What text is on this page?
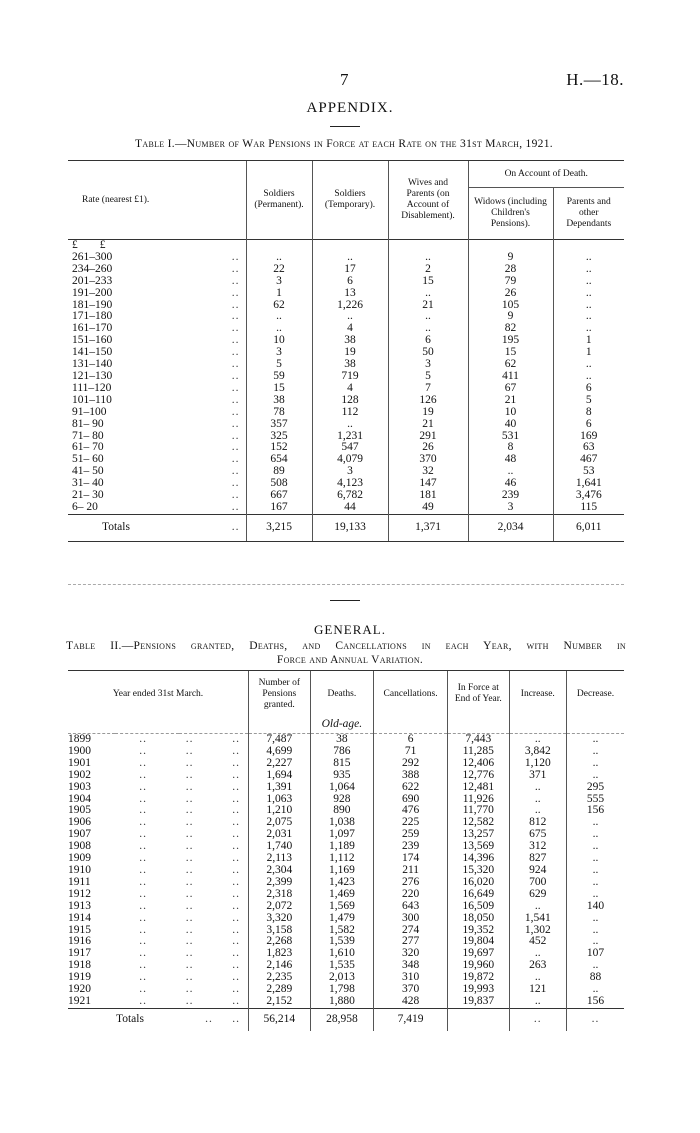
7	H.—18.
APPENDIX.
Table I.—Number of War Pensions in Force at each Rate on the 31st March, 1921.
Rate (nearest £1).		Soldiers (Permanent).	Soldiers (Temporary).	Wives and Parents (on Account of Disablement).	On Account of Death.	
					Widows (including Children's Pensions).	Parents and other Dependants
£ £						
261–300	..	..	..	..	9	..
234–260	..	22	17	2	28	..
201–233	..	3	6	15	79	..
191–200	..	1	13	..	26	..
181–190	..	62	1,226	21	105	..
171–180	..	..	..	..	9	..
161–170	..	..	4	..	82	..
151–160	..	10	38	6	195	1
141–150	..	3	19	50	15	1
131–140	..	5	38	3	62	..
121–130	..	59	719	5	411	..
111–120	..	15	4	7	67	6
101–110	..	38	128	126	21	5
91–100	..	78	112	19	10	8
81– 90	..	357	..	21	40	6
71– 80	..	325	1,231	291	531	169
61– 70	..	152	547	26	8	63
51– 60	..	654	4,079	370	48	467
41– 50	..	89	3	32	..	53
31– 40	..	508	4,123	147	46	1,641
21– 30	..	667	6,782	181	239	3,476
6– 20	..	167	44	49	3	115
Totals	..	3,215	19,133	1,371	2,034	6,011
GENERAL.
Table II.—Pensions granted, Deaths, and Cancellations in each Year, with Number in
Force and Annual Variation.
Year ended 31st March.			Number of Pensions granted.	Deaths.	Cancellations.	In Force at End of Year.	Increase.	Decrease.
				Old-age.				
1899	..          ..          ..		7,487	38	6	7,443	..	..
1900	..          ..          ..		4,699	786	71	11,285	3,842	..
1901	..          ..          ..		2,227	815	292	12,406	1,120	..
1902	..          ..          ..		1,694	935	388	12,776	371	..
1903	..          ..          ..		1,391	1,064	622	12,481	..	295
1904	..          ..          ..		1,063	928	690	11,926	..	555
1905	..          ..          ..		1,210	890	476	11,770	..	156
1906	..          ..          ..		2,075	1,038	225	12,582	812	..
1907	..          ..          ..		2,031	1,097	259	13,257	675	..
1908	..          ..          ..		1,740	1,189	239	13,569	312	..
1909	..          ..          ..		2,113	1,112	174	14,396	827	..
1910	..          ..          ..		2,304	1,169	211	15,320	924	..
1911	..          ..          ..		2,399	1,423	276	16,020	700	..
1912	..          ..          ..		2,318	1,469	220	16,649	629	..
1913	..          ..          ..		2,072	1,569	643	16,509	..	140
1914	..          ..          ..		3,320	1,479	300	18,050	1,541	..
1915	..          ..          ..		3,158	1,582	274	19,352	1,302	..
1916	..          ..          ..		2,268	1,539	277	19,804	452	..
1917	..          ..          ..		1,823	1,610	320	19,697	..	107
1918	..          ..          ..		2,146	1,535	348	19,960	263	..
1919	..          ..          ..		2,235	2,013	310	19,872	..	88
1920	..          ..          ..		2,289	1,798	370	19,993	121	..
1921	..          ..          ..		2,152	1,880	428	19,837	..	156
Totals		..     ..	56,214	28,958	7,419		..	..
